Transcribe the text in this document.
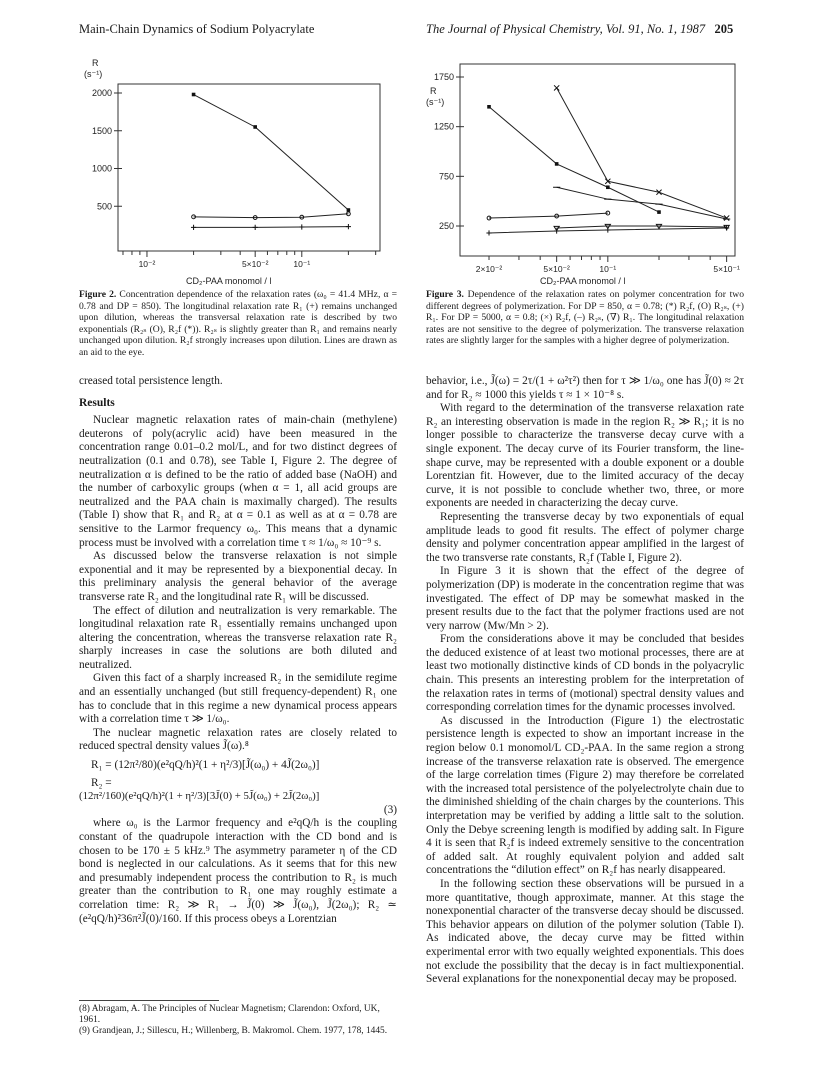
Main-Chain Dynamics of Sodium Polyacrylate	The Journal of Physical Chemistry, Vol. 91, No. 1, 1987 205
R
(s⁻¹)
2000
1500
1000
500
10⁻²	5×10⁻²	10⁻¹
CD₂-PAA monomol / l
R
(s⁻¹)
1750
1250
750
250
2×10⁻²	5×10⁻²	10⁻¹	5×10⁻¹
CD₂-PAA monomol / l
Figure 2. Concentration dependence of the relaxation rates (ω₀ = 41.4 MHz, α = 0.78 and DP = 850). The longitudinal relaxation rate R₁ (+) remains unchanged upon dilution, whereas the transversal relaxation rate is described by two exponentials (R₂ₛ (O), R₂f (*)). R₂ₛ is slightly greater than R₁ and remains nearly unchanged upon dilution. R₂f strongly increases upon dilution. Lines are drawn as an aid to the eye.
Figure 3. Dependence of the relaxation rates on polymer concentration for two different degrees of polymerization. For DP = 850, α = 0.78; (*) R₂f, (O) R₂ₛ, (+) R₁. For DP = 5000, α = 0.8; (×) R₂f, (–) R₂ₛ, (∇) R₁. The longitudinal relaxation rates are not sensitive to the degree of polymerization. The transverse relaxation rates are slightly larger for the samples with a higher degree of polymerization.

creased total persistence length.

Results

Nuclear magnetic relaxation rates of main-chain (methylene) deuterons of poly(acrylic acid) have been measured in the concentration range 0.01–0.2 mol/L, and for two distinct degrees of neutralization (0.1 and 0.78), see Table I, Figure 2. The degree of neutralization α is defined to be the ratio of added base (NaOH) and the number of carboxylic groups (when α = 1, all acid groups are neutralized and the PAA chain is maximally charged). The results (Table I) show that R₁ and R₂ at α = 0.1 as well as at α = 0.78 are sensitive to the Larmor frequency ω₀. This means that a dynamic process must be involved with a correlation time τ ≈ 1/ω₀ ≈ 10⁻⁹ s.

As discussed below the transverse relaxation is not simple exponential and it may be represented by a biexponential decay. In this preliminary analysis the general behavior of the average transverse rate R₂ and the longitudinal rate R₁ will be discussed.

The effect of dilution and neutralization is very remarkable. The longitudinal relaxation rate R₁ essentially remains unchanged upon altering the concentration, whereas the transverse relaxation rate R₂ sharply increases in case the solutions are both diluted and neutralized.

Given this fact of a sharply increased R₂ in the semidilute regime and an essentially unchanged (but still frequency-dependent) R₁ one has to conclude that in this regime a new dynamical process appears with a correlation time τ ≫ 1/ω₀.

The nuclear magnetic relaxation rates are closely related to reduced spectral density values J̃(ω).⁸

R₁ = (12π²/80)(e²qQ/h)²(1 + η²/3)[J̃(ω₀) + 4J̃(2ω₀)]

R₂ =

(12π²/160)(e²qQ/h)²(1 + η²/3)[3J̃(0) + 5J̃(ω₀) + 2J̃(2ω₀)]

(3)

where ω₀ is the Larmor frequency and e²qQ/h is the coupling constant of the quadrupole interaction with the CD bond and is chosen to be 170 ± 5 kHz.⁹ The asymmetry parameter η of the CD bond is neglected in our calculations. As it seems that for this new and presumably independent process the contribution to R₂ is much greater than the contribution to R₁ one may roughly estimate a correlation time: R₂ ≫ R₁ → J̃(0) ≫ J̃(ω₀), J̃(2ω₀); R₂ ≃ (e²qQ/h)²36π²J̃(0)/160. If this process obeys a Lorentzian

(8) Abragam, A. The Principles of Nuclear Magnetism; Clarendon: Oxford, UK, 1961.
(9) Grandjean, J.; Sillescu, H.; Willenberg, B. Makromol. Chem. 1977, 178, 1445.

behavior, i.e., J̃(ω) = 2τ/(1 + ω²τ²) then for τ ≫ 1/ω₀ one has J̃(0) ≈ 2τ and for R₂ ≈ 1000 this yields τ ≈ 1 × 10⁻⁸ s.

With regard to the determination of the transverse relaxation rate R₂ an interesting observation is made in the region R₂ ≫ R₁; it is no longer possible to characterize the transverse decay curve with a single exponent. The decay curve of its Fourier transform, the line-shape curve, may be represented with a double exponent or a double Lorentzian fit. However, due to the limited accuracy of the decay curve, it is not possible to conclude whether two, three, or more exponents are needed in characterizing the decay curve.

Representing the transverse decay by two exponentials of equal amplitude leads to good fit results. The effect of polymer charge density and polymer concentration appear amplified in the largest of the two transverse rate constants, R₂f (Table I, Figure 2).

In Figure 3 it is shown that the effect of the degree of polymerization (DP) is moderate in the concentration regime that was investigated. The effect of DP may be somewhat masked in the present results due to the fact that the polymer fractions used are not very narrow (Mw/Mn > 2).

From the considerations above it may be concluded that besides the deduced existence of at least two motional processes, there are at least two motionally distinctive kinds of CD bonds in the polyacrylic chain. This presents an interesting problem for the interpretation of the relaxation rates in terms of (motional) spectral density values and corresponding correlation times for the dynamic processes involved.

As discussed in the Introduction (Figure 1) the electrostatic persistence length is expected to show an important increase in the region below 0.1 monomol/L CD₂-PAA. In the same region a strong increase of the transverse relaxation rate is observed. The emergence of the large correlation times (Figure 2) may therefore be correlated with the increased total persistence of the polyelectrolyte chain due to the diminished shielding of the chain charges by the counterions. This interpretation may be verified by adding a little salt to the solution. Only the Debye screening length is modified by adding salt. In Figure 4 it is seen that R₂f is indeed extremely sensitive to the concentration of added salt. At roughly equivalent polyion and added salt concentrations the “dilution effect” on R₂f has nearly disappeared.

In the following section these observations will be pursued in a more quantitative, though approximate, manner. At this stage the nonexponential character of the transverse decay should be discussed. This behavior appears on dilution of the polymer solution (Table I). As indicated above, the decay curve may be fitted within experimental error with two equally weighted exponentials. This does not exclude the possibility that the decay is in fact multiexponential. Several explanations for the nonexponential decay may be proposed.
